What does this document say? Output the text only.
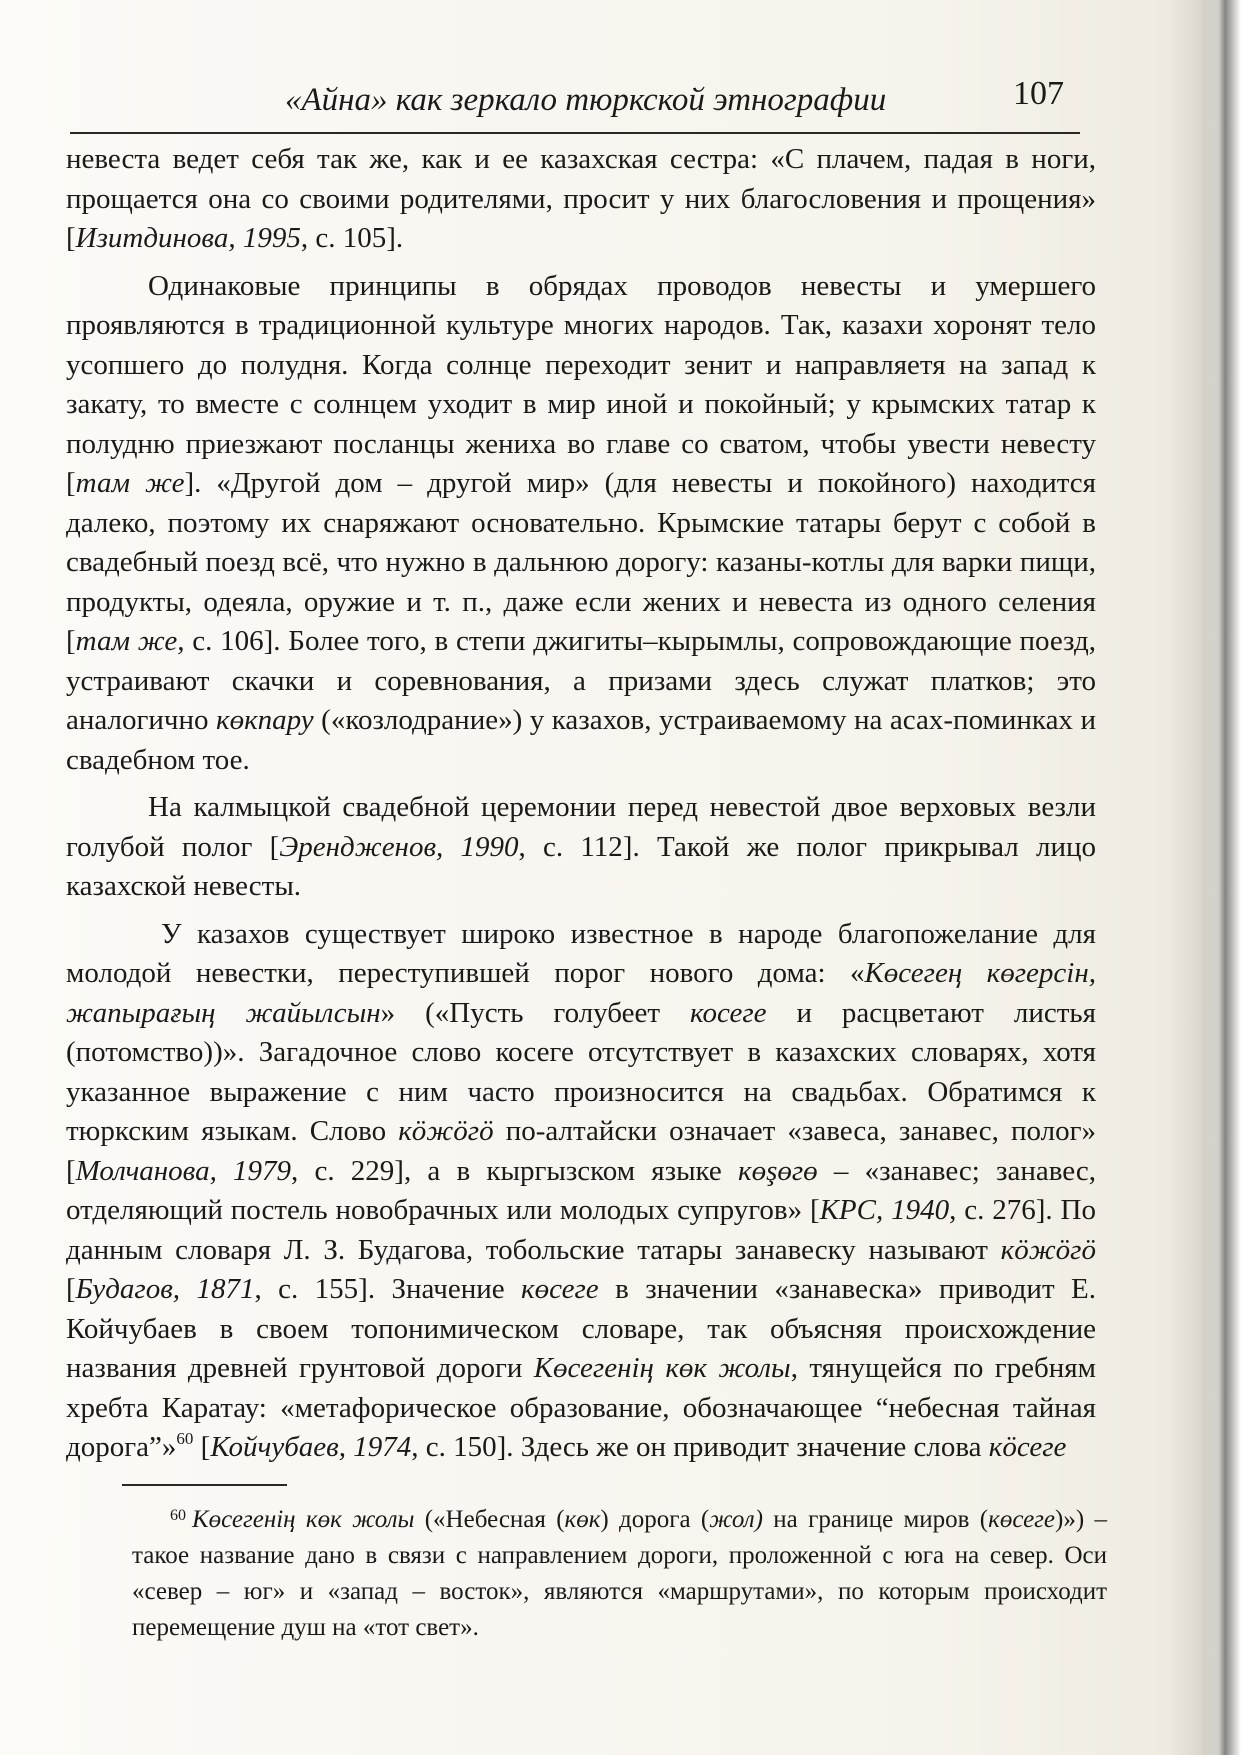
«Айна» как зеркало тюркской этнографии	107

невеста ведет себя так же, как и ее казахская сестра: «С плачем, падая в ноги, прощается она со своими родителями, просит у них благословения и прощения» [Изитдинова, 1995, с. 105].

Одинаковые принципы в обрядах проводов невесты и умершего проявляются в традиционной культуре многих народов. Так, казахи хоронят тело усопшего до полудня. Когда солнце переходит зенит и направляетя на запад к закату, то вместе с солнцем уходит в мир иной и покойный; у крымских татар к полудню приезжают посланцы жениха во главе со сватом, чтобы увести невесту [там же]. «Другой дом – другой мир» (для невесты и покойного) находится далеко, поэтому их снаряжают основательно. Крымские татары берут с собой в свадебный поезд всё, что нужно в дальнюю дорогу: казаны-котлы для варки пищи, продукты, одеяла, оружие и т. п., даже если жених и невеста из одного селения [там же, с. 106]. Более того, в степи джигиты–кырымлы, сопровождающие поезд, устраивают скачки и соревнования, а призами здесь служат платков; это аналогично көкпару («козлодрание») у казахов, устраиваемому на асах-поминках и свадебном тое.

На калмыцкой свадебной церемонии перед невестой двое верховых везли голубой полог [Эренджeнов, 1990, с. 112]. Такой же полог прикрывал лицо казахской невесты.

У казахов существует широко известное в народе благопожелание для молодой невестки, переступившей порог нового дома: «Көсегең көгерсін, жапырағың жайылсын» («Пусть голубеет косеге и расцветают листья (потомство))». Загадочное слово косеге отсутствует в казахских словарях, хотя указанное выражение с ним часто произносится на свадьбах. Обратимся к тюркским языкам. Слово кӧжӧгӧ по-алтайски означает «завеса, занавес, полог» [Молчанова, 1979, с. 229], а в кыргызском языке көşөгө – «занавес; занавес, отделяющий постель новобрачных или молодых супругов» [КРС, 1940, с. 276]. По данным словаря Л. З. Будагова, тобольские татары занавеску называют кӧжӧгӧ [Будагов, 1871, с. 155]. Значение көсеге в значении «занавеска» приводит Е. Койчубаев в своем топонимическом словаре, так объясняя происхождение названия древней грунтовой дороги Көсегенің көк жолы, тянущейся по гребням хребта Каратау: «метафорическое образование, обозначающее “небесная тайная дорога”»$^{60}$ [Койчубаев, 1974, с. 150]. Здесь же он приводит значение слова кӧсеге

$^{60}$ Көсегенің көк жолы («Небесная (көк) дорога (жол) на границе миров (көсеге)») – такое название дано в связи с направлением дороги, проложенной с юга на север. Оси «север – юг» и «запад – восток», являются «маршрутами», по которым происходит перемещение душ на «тот свет».
